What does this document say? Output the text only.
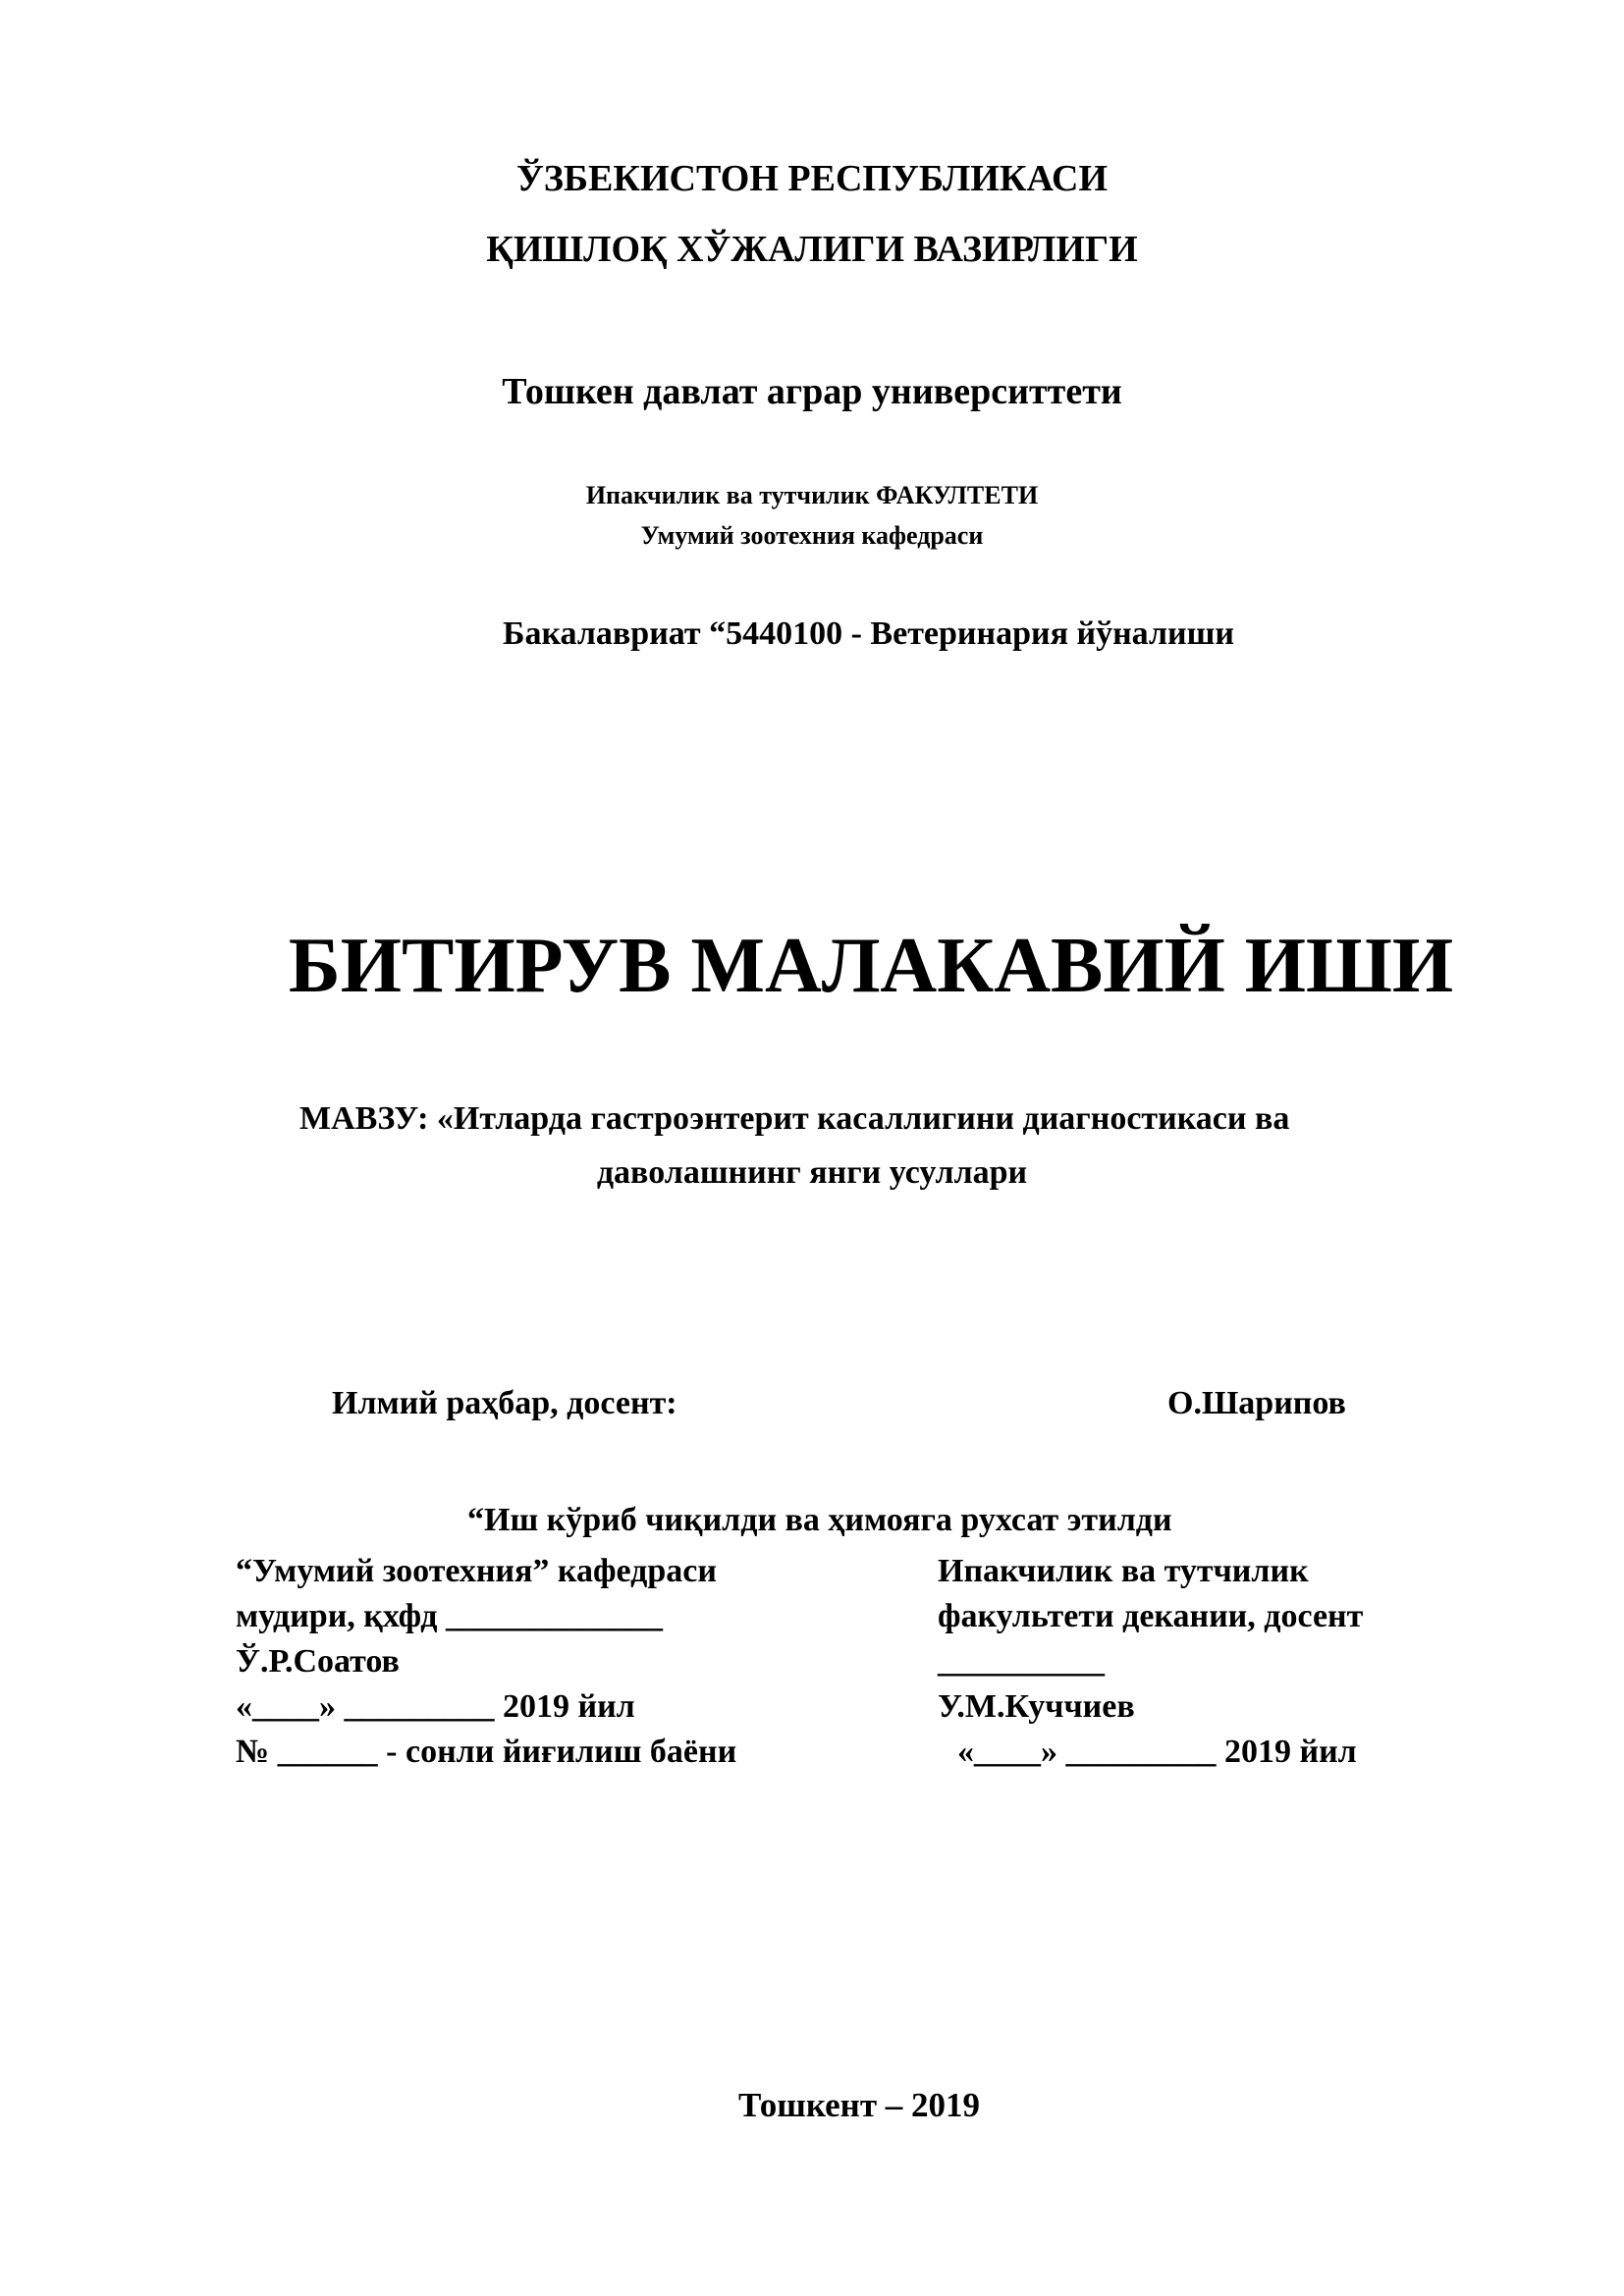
ЎЗБЕКИСТОН РЕСПУБЛИКАСИ
ҚИШЛОҚ ХЎЖАЛИГИ ВАЗИРЛИГИ
Тошкен давлат аграр университтети
Ипакчилик ва тутчилик ФАКУЛТЕТИ
Умумий зоотехния кафедраси
Бакалавриат “5440100 - Ветеринария йўналиши
БИТИРУВ МАЛАКАВИЙ ИШИ
МАВЗУ: «Итларда гастроэнтерит касаллигини диагностикаси ва
даволашнинг янги усуллари
Илмий раҳбар, досент:	О.Шарипов
“Иш кўриб чиқилди ва ҳимояга рухсат этилди
“Умумий зоотехния” кафедраси
мудири, қхфд _____________
Ў.Р.Соатов
«____» _________ 2019 йил
№ ______ - сонли йиғилиш баёни
Ипакчилик ва тутчилик
факультети декании, досент
__________
У.М.Куччиев
«____» _________ 2019 йил
Тошкент – 2019
